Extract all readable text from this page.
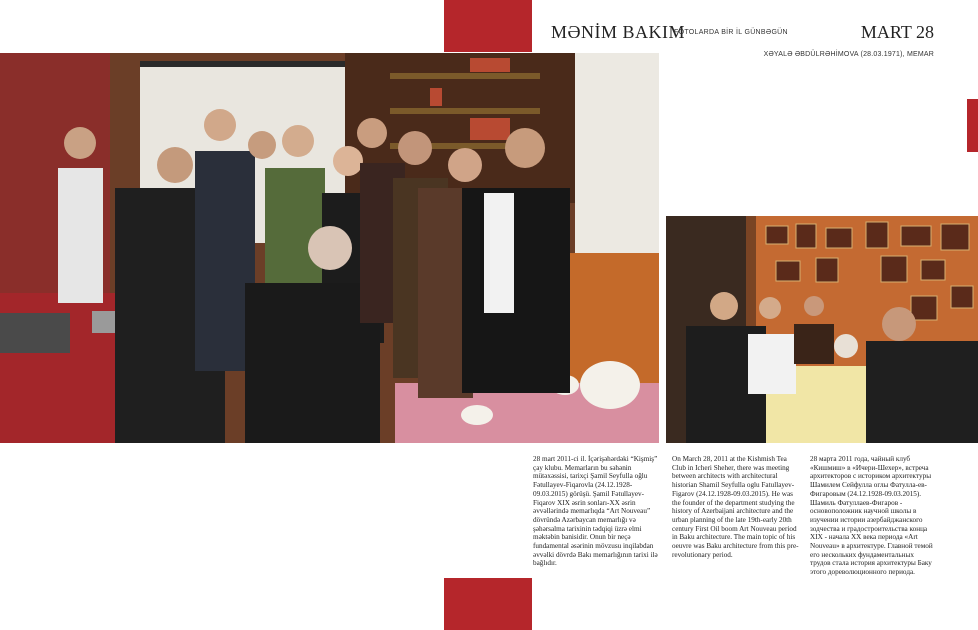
MƏNİM BAKIM
FOTOLARDA BİR İL GÜNBƏGÜN	MART 28
XƏYALƏ ƏBDÜLRƏHİMOVA (28.03.1971), MEMAR
28 mart 2011-ci il. İçərişəhərdəki “Kişmiş” çay klubu. Memarların bu səhənin mütəxəssisi, tarixçi Şamil Seyfulla oğlu Fətullayev-Fiqarovla (24.12.1928-09.03.2015) görüşü. Şamil Fətullayev-Fiqarov XIX əsrin sonları-XX əsrin əvvəllərində memarlıqda “Art Nouveau” dövründə Azərbaycan memarlığı və şəhərsalma tarixinin tədqiqi üzrə elmi məktəbin banisidir. Onun bir neçə fundamental əsərinin mövzusu inqilabdan əvvəlki dövrdə Bakı memarlığının tarixi ilə bağlıdır.
On March 28, 2011 at the Kishmish Tea Club in Icheri Sheher, there was meeting between architects with architectural historian Shamil Seyfulla oglu Fatullayev-Figarov (24.12.1928-09.03.2015). He was the founder of the department studying the history of Azerbaijani architecture and the urban planning of the late 19th-early 20th century First Oil boom Art Nouveau period in Baku architecture. The main topic of his oeuvre was Baku architecture from this pre-revolutionary period.
28 марта 2011 года, чайный клуб «Кишмиш» в «Ичери-Шехер», встреча архитекторов с историком архитектуры Шамилем Сейфулла оглы Фатулла-ев-Фигаровым (24.12.1928-09.03.2015). Шамиль Фатуллаев-Фигаров - основоположник научной школы в изучении истории азербайджанского зодчества и градостроительства конца XIX - начала XX века периода «Art Nouveau» в архитектуре. Главной темой его нескольких фундаментальных трудов стала история архитектуры Баку этого дореволюционного периода.
